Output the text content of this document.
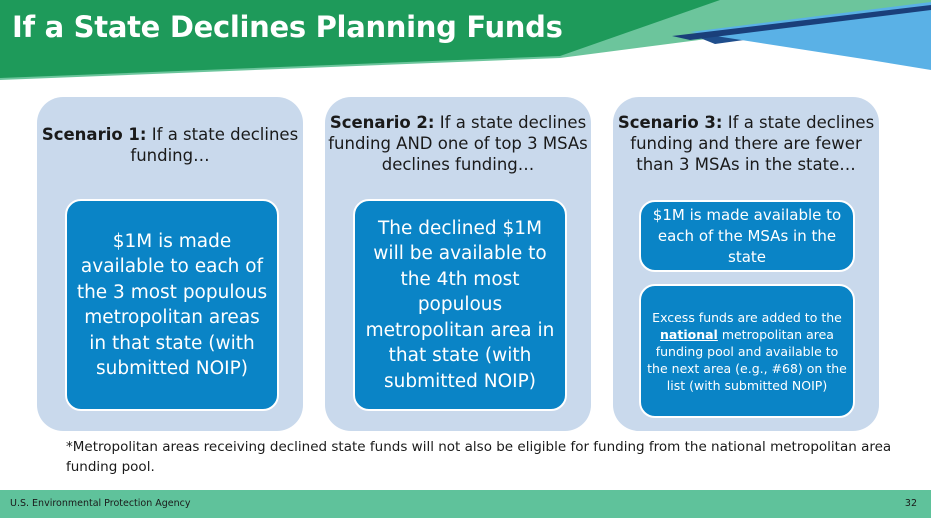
If a State Declines Planning Funds

Scenario 1: If a state declines funding…

$1M is made available to each of the 3 most populous metropolitan areas in that state (with submitted NOIP)

Scenario 2: If a state declines funding AND one of top 3 MSAs declines funding…

The declined $1M will be available to the 4th most populous metropolitan area in that state (with submitted NOIP)

Scenario 3: If a state declines funding and there are fewer than 3 MSAs in the state…

$1M is made available to each of the MSAs in the state
Excess funds are added to the national metropolitan area funding pool and available to the next area (e.g., #68) on the list (with submitted NOIP)

*Metropolitan areas receiving declined state funds will not also be eligible for funding from the national metropolitan area funding pool.

U.S. Environmental Protection Agency	32
